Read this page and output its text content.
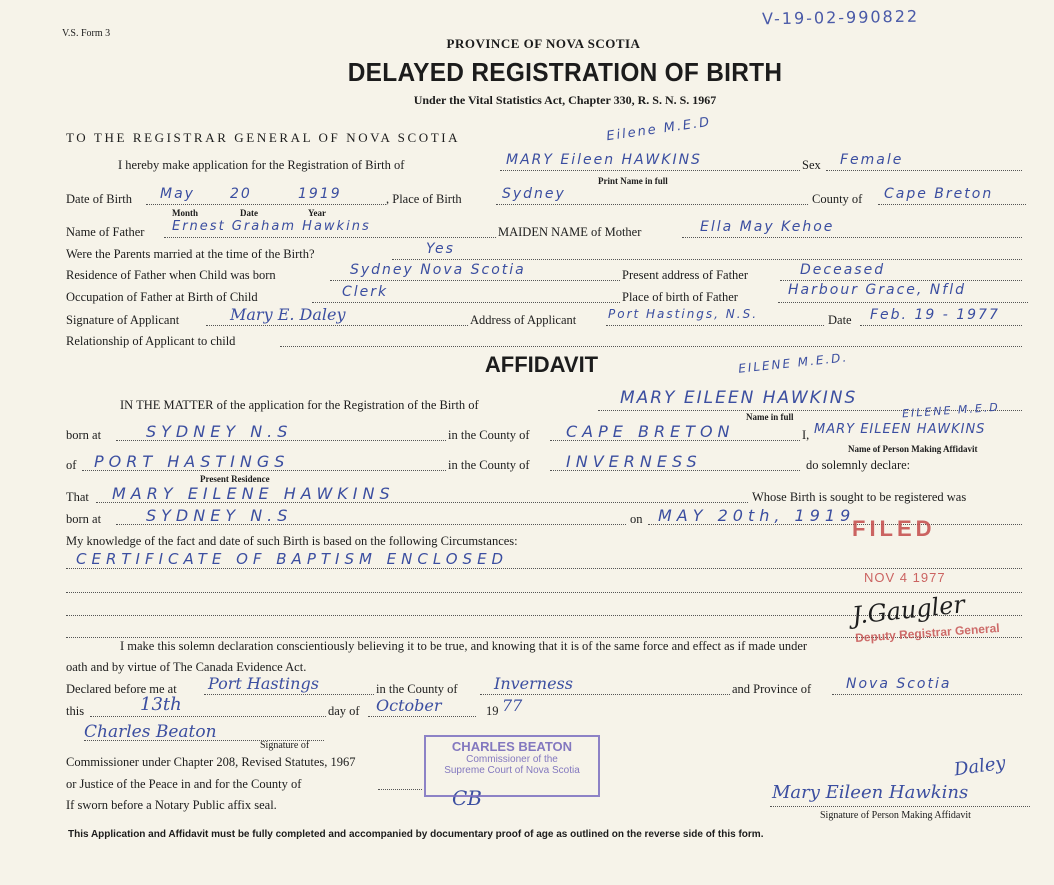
V.S. Form 3
V-19-02-990822
PROVINCE OF NOVA SCOTIA
DELAYED REGISTRATION OF BIRTH
Under the Vital Statistics Act, Chapter 330, R. S. N. S. 1967
TO THE REGISTRAR GENERAL OF NOVA SCOTIA	Eilene M.E.D
I hereby make application for the Registration of Birth of	MARY Eileen HAWKINS	Sex Female
Print Name in full
Date of Birth May	20	1919	, Place of Birth	Sydney	County of Cape Breton
Month	Date	Year
Name of Father Ernest Graham Hawkins	MAIDEN NAME of Mother	Ella May Kehoe
Were the Parents married at the time of the Birth?	Yes
Residence of Father when Child was born	Sydney Nova Scotia	Present address of Father	Deceased
Occupation of Father at Birth of Child	Clerk	Place of birth of Father	Harbour Grace, Nfld
Signature of Applicant	Mary E. Daley	Address of Applicant	Port Hastings, N.S.	Date Feb. 19 - 1977
Relationship of Applicant to child
AFFIDAVIT	EILENE M.E.D.
IN THE MATTER of the application for the Registration of the Birth of	MARY EILEEN HAWKINS
Name in full
born at	SYDNEY N.S	in the County of CAPE BRETON	I, MARY EILEEN HAWKINS
EILENE M.E.D
Name of Person Making Affidavit
of PORT HASTINGS	in the County of INVERNESS	do solemnly declare:
Present Residence
That MARY EILENE HAWKINS	Whose Birth is sought to be registered was
born at	SYDNEY N.S	on MAY 20th, 1919
My knowledge of the fact and date of such Birth is based on the following Circumstances:
CERTIFICATE OF BAPTISM ENCLOSED
FILED
NOV 4 1977
Deputy Registrar General
J.Gaugler
I make this solemn declaration conscientiously believing it to be true, and knowing that it is of the same force and effect as if made under
oath and by virtue of The Canada Evidence Act.
Declared before me at Port Hastings	in the County of Inverness	and Province of Nova Scotia
this	13th	day of October	19 77
Charles Beaton
Signature of
Commissioner under Chapter 208, Revised Statutes, 1967
or Justice of the Peace in and for the County of
If sworn before a Notary Public affix seal.	CB
CHARLES BEATON
Commissioner of the
Supreme Court of Nova Scotia	Daley
Mary Eileen Hawkins
Signature of Person Making Affidavit
This Application and Affidavit must be fully completed and accompanied by documentary proof of age as outlined on the reverse side of this form.
